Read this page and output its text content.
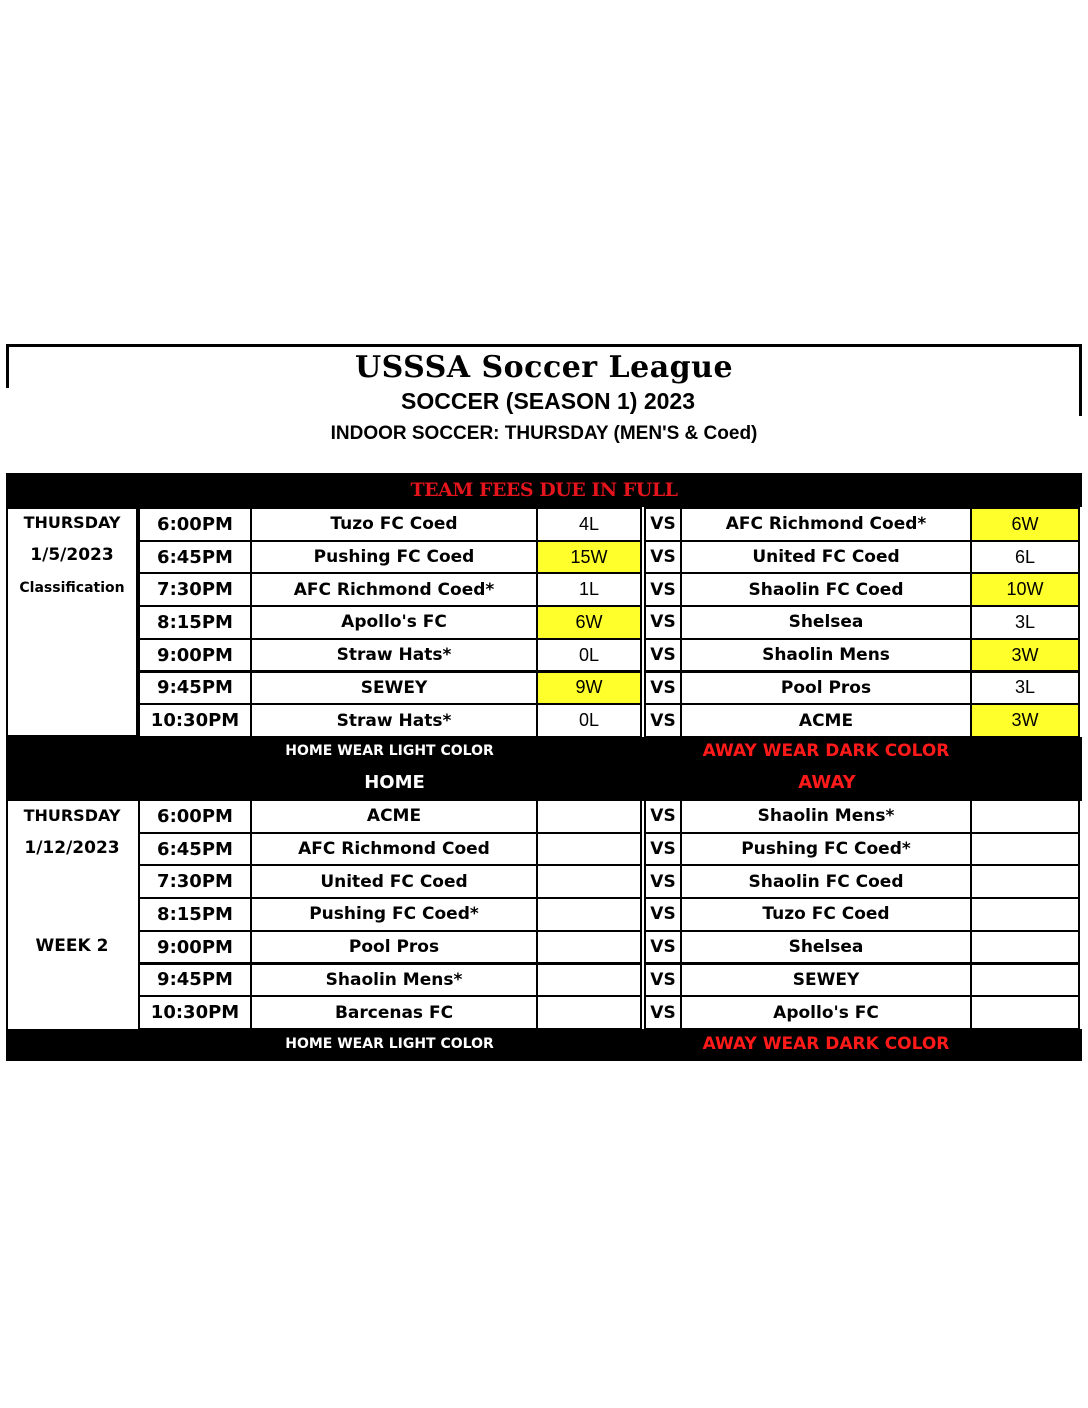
USSSA Soccer League
SOCCER (SEASON 1) 2023
INDOOR SOCCER: THURSDAY (MEN'S & Coed)
TEAM FEES DUE IN FULL
THURSDAY
1/5/2023
Classification
6:00PM	Tuzo FC Coed	4L	VS	AFC Richmond Coed*	6W
6:45PM	Pushing FC Coed	15W	VS	United FC Coed	6L
7:30PM	AFC Richmond Coed*	1L	VS	Shaolin FC Coed	10W
8:15PM	Apollo's FC	6W	VS	Shelsea	3L
9:00PM	Straw Hats*	0L	VS	Shaolin Mens	3W
9:45PM	SEWEY	9W	VS	Pool Pros	3L
10:30PM	Straw Hats*	0L	VS	ACME	3W
HOME WEAR LIGHT COLOR	AWAY WEAR DARK COLOR
HOME	AWAY
THURSDAY
1/12/2023
WEEK 2
6:00PM	ACME	VS	Shaolin Mens*
6:45PM	AFC Richmond Coed	VS	Pushing FC Coed*
7:30PM	United FC Coed	VS	Shaolin FC Coed
8:15PM	Pushing FC Coed*	VS	Tuzo FC Coed
9:00PM	Pool Pros	VS	Shelsea
9:45PM	Shaolin Mens*	VS	SEWEY
10:30PM	Barcenas FC	VS	Apollo's FC
HOME WEAR LIGHT COLOR	AWAY WEAR DARK COLOR
